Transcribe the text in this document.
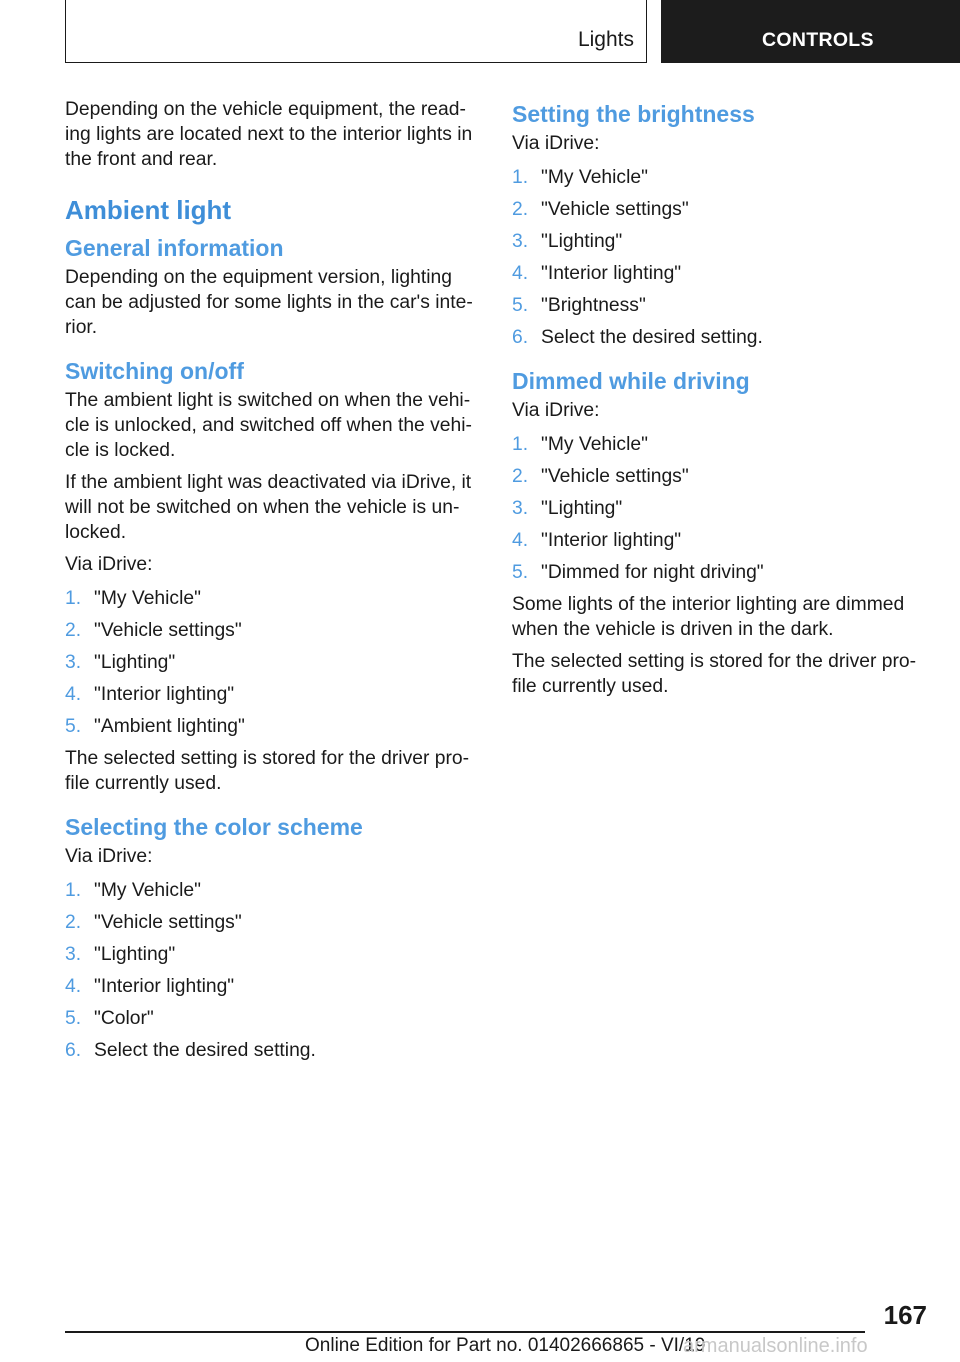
Lights	CONTROLS

Depending on the vehicle equipment, the reading lights are located next to the interior lights in the front and rear.

Ambient light
General information

Depending on the equipment version, lighting can be adjusted for some lights in the car's interior.

Switching on/off

The ambient light is switched on when the vehicle is unlocked, and switched off when the vehicle is locked.

If the ambient light was deactivated via iDrive, it will not be switched on when the vehicle is unlocked.

Via iDrive:

1. "My Vehicle"
2. "Vehicle settings"
3. "Lighting"
4. "Interior lighting"
5. "Ambient lighting"

The selected setting is stored for the driver profile currently used.

Selecting the color scheme

Via iDrive:

1. "My Vehicle"
2. "Vehicle settings"
3. "Lighting"
4. "Interior lighting"
5. "Color"
6. Select the desired setting.
Setting the brightness

Via iDrive:

1. "My Vehicle"
2. "Vehicle settings"
3. "Lighting"
4. "Interior lighting"
5. "Brightness"
6. Select the desired setting.
Dimmed while driving

Via iDrive:

1. "My Vehicle"
2. "Vehicle settings"
3. "Lighting"
4. "Interior lighting"
5. "Dimmed for night driving"

Some lights of the interior lighting are dimmed when the vehicle is driven in the dark.

The selected setting is stored for the driver profile currently used.

167
Online Edition for Part no. 01402666865 - VI/19
armanualsonline.info
